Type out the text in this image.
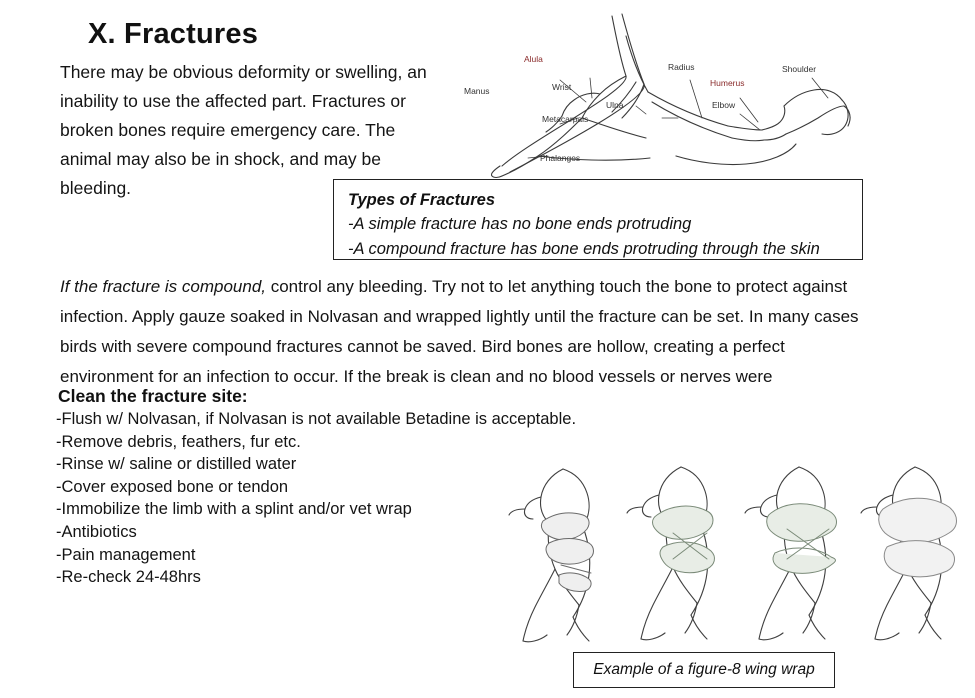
X. Fractures
There may be obvious deformity or swelling, an inability to use the affected part. Fractures or broken bones require emergency care. The animal may also be in shock, and may be bleeding.
Alula
Manus	Wrist
Metacarpals
Phalanges
Ulna
Radius
Humerus
Elbow
Shoulder
Types of Fractures
-A simple fracture has no bone ends protruding
-A compound fracture has bone ends protruding through the skin
If the fracture is compound, control any bleeding. Try not to let anything touch the bone to protect against infection. Apply gauze soaked in Nolvasan and wrapped lightly until the fracture can be set. In many cases birds with severe compound fractures cannot be saved. Bird bones are hollow, creating a perfect environment for an infection to occur. If the break is clean and no blood vessels or nerves were
Clean the fracture site:
-Flush w/ Nolvasan, if Nolvasan is not available Betadine is acceptable.
-Remove debris, feathers, fur etc.
-Rinse w/ saline or distilled water
-Cover exposed bone or tendon
-Immobilize the limb with a splint and/or vet wrap
-Antibiotics
-Pain management
-Re-check 24-48hrs
Example of a figure-8 wing wrap
